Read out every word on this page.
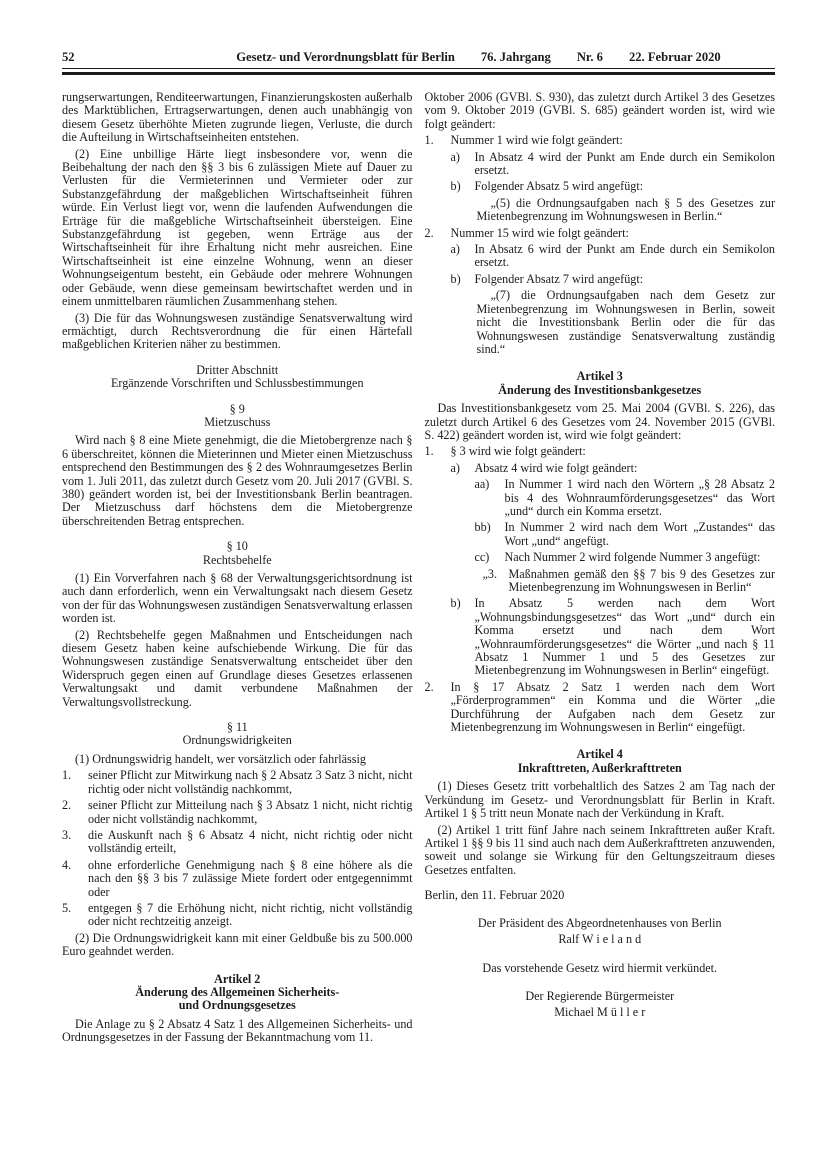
52	Gesetz- und Verordnungsblatt für Berlin 76. Jahrgang Nr. 6 22. Februar 2020
rungserwartungen, Renditeerwartungen, Finanzierungskosten außerhalb des Marktüblichen, Ertragserwartungen, denen auch unabhängig von diesem Gesetz überhöhte Mieten zugrunde liegen, Verluste, die durch die Aufteilung in Wirtschaftseinheiten entstehen.
(2) Eine unbillige Härte liegt insbesondere vor, wenn die Beibehaltung der nach den §§ 3 bis 6 zulässigen Miete auf Dauer zu Verlusten für die Vermieterinnen und Vermieter oder zur Substanzgefährdung der maßgeblichen Wirtschaftseinheit führen würde. Ein Verlust liegt vor, wenn die laufenden Aufwendungen die Erträge für die maßgebliche Wirtschaftseinheit übersteigen. Eine Substanzgefährdung ist gegeben, wenn Erträge aus der Wirtschaftseinheit für ihre Erhaltung nicht mehr ausreichen. Eine Wirtschaftseinheit ist eine einzelne Wohnung, wenn an dieser Wohnungseigentum besteht, ein Gebäude oder mehrere Wohnungen oder Gebäude, wenn diese gemeinsam bewirtschaftet werden und in einem unmittelbaren räumlichen Zusammenhang stehen.
(3) Die für das Wohnungswesen zuständige Senatsverwaltung wird ermächtigt, durch Rechtsverordnung die für einen Härtefall maßgeblichen Kriterien näher zu bestimmen.
Dritter Abschnitt
Ergänzende Vorschriften und Schlussbestimmungen
§ 9
Mietzuschuss
Wird nach § 8 eine Miete genehmigt, die die Mietobergrenze nach § 6 überschreitet, können die Mieterinnen und Mieter einen Mietzuschuss entsprechend den Bestimmungen des § 2 des Wohnraumgesetzes Berlin vom 1. Juli 2011, das zuletzt durch Gesetz vom 20. Juli 2017 (GVBl. S. 380) geändert worden ist, bei der Investitionsbank Berlin beantragen. Der Mietzuschuss darf höchstens dem die Mietobergrenze überschreitenden Betrag entsprechen.
§ 10
Rechtsbehelfe
(1) Ein Vorverfahren nach § 68 der Verwaltungsgerichtsordnung ist auch dann erforderlich, wenn ein Verwaltungsakt nach diesem Gesetz von der für das Wohnungswesen zuständigen Senatsverwaltung erlassen worden ist.
(2) Rechtsbehelfe gegen Maßnahmen und Entscheidungen nach diesem Gesetz haben keine aufschiebende Wirkung. Die für das Wohnungswesen zuständige Senatsverwaltung entscheidet über den Widerspruch gegen einen auf Grundlage dieses Gesetzes erlassenen Verwaltungsakt und damit verbundene Maßnahmen der Verwaltungsvollstreckung.
§ 11
Ordnungswidrigkeiten
(1) Ordnungswidrig handelt, wer vorsätzlich oder fahrlässig
1.	seiner Pflicht zur Mitwirkung nach § 2 Absatz 3 Satz 3 nicht, nicht richtig oder nicht vollständig nachkommt,
2.	seiner Pflicht zur Mitteilung nach § 3 Absatz 1 nicht, nicht richtig oder nicht vollständig nachkommt,
3.	die Auskunft nach § 6 Absatz 4 nicht, nicht richtig oder nicht vollständig erteilt,
4.	ohne erforderliche Genehmigung nach § 8 eine höhere als die nach den §§ 3 bis 7 zulässige Miete fordert oder entgegennimmt oder
5.	entgegen § 7 die Erhöhung nicht, nicht richtig, nicht vollständig oder nicht rechtzeitig anzeigt.
(2) Die Ordnungswidrigkeit kann mit einer Geldbuße bis zu 500.000 Euro geahndet werden.
Artikel 2
Änderung des Allgemeinen Sicherheits-
und Ordnungsgesetzes
Die Anlage zu § 2 Absatz 4 Satz 1 des Allgemeinen Sicherheits- und Ordnungsgesetzes in der Fassung der Bekanntmachung vom 11.
Oktober 2006 (GVBl. S. 930), das zuletzt durch Artikel 3 des Gesetzes vom 9. Oktober 2019 (GVBl. S. 685) geändert worden ist, wird wie folgt geändert:
1.	Nummer 1 wird wie folgt geändert:
a)	In Absatz 4 wird der Punkt am Ende durch ein Semikolon ersetzt.
b)	Folgender Absatz 5 wird angefügt:
„(5) die Ordnungsaufgaben nach § 5 des Gesetzes zur Mietenbegrenzung im Wohnungswesen in Berlin.“
2.	Nummer 15 wird wie folgt geändert:
a)	In Absatz 6 wird der Punkt am Ende durch ein Semikolon ersetzt.
b)	Folgender Absatz 7 wird angefügt:
„(7) die Ordnungsaufgaben nach dem Gesetz zur Mietenbegrenzung im Wohnungswesen in Berlin, soweit nicht die Investitionsbank Berlin oder die für das Wohnungswesen zuständige Senatsverwaltung zuständig sind.“
Artikel 3
Änderung des Investitionsbankgesetzes
Das Investitionsbankgesetz vom 25. Mai 2004 (GVBl. S. 226), das zuletzt durch Artikel 6 des Gesetzes vom 24. November 2015 (GVBl. S. 422) geändert worden ist, wird wie folgt geändert:
1.	§ 3 wird wie folgt geändert:
a)	Absatz 4 wird wie folgt geändert:
aa)	In Nummer 1 wird nach den Wörtern „§ 28 Absatz 2 bis 4 des Wohnraumförderungsgesetzes“ das Wort „und“ durch ein Komma ersetzt.
bb)	In Nummer 2 wird nach dem Wort „Zustandes“ das Wort „und“ angefügt.
cc)	Nach Nummer 2 wird folgende Nummer 3 angefügt:
„3. Maßnahmen gemäß den §§ 7 bis 9 des Gesetzes zur Mietenbegrenzung im Wohnungswesen in Berlin“
b)	In Absatz 5 werden nach dem Wort „Wohnungsbindungsgesetzes“ das Wort „und“ durch ein Komma ersetzt und nach dem Wort „Wohnraumförderungsgesetzes“ die Wörter „und nach § 11 Absatz 1 Nummer 1 und 5 des Gesetzes zur Mietenbegrenzung im Wohnungswesen in Berlin“ eingefügt.
2.	In § 17 Absatz 2 Satz 1 werden nach dem Wort „Förderprogrammen“ ein Komma und die Wörter „die Durchführung der Aufgaben nach dem Gesetz zur Mietenbegrenzung im Wohnungswesen in Berlin“ eingefügt.
Artikel 4
Inkrafttreten, Außerkrafttreten
(1) Dieses Gesetz tritt vorbehaltlich des Satzes 2 am Tag nach der Verkündung im Gesetz- und Verordnungsblatt für Berlin in Kraft. Artikel 1 § 5 tritt neun Monate nach der Verkündung in Kraft.
(2) Artikel 1 tritt fünf Jahre nach seinem Inkrafttreten außer Kraft. Artikel 1 §§ 9 bis 11 sind auch nach dem Außerkrafttreten anzuwenden, soweit und solange sie Wirkung für den Geltungszeitraum dieses Gesetzes entfalten.
Berlin, den 11. Februar 2020
Der Präsident des Abgeordnetenhauses von Berlin
Ralf W i e l a n d
Das vorstehende Gesetz wird hiermit verkündet.
Der Regierende Bürgermeister
Michael M ü l l e r
